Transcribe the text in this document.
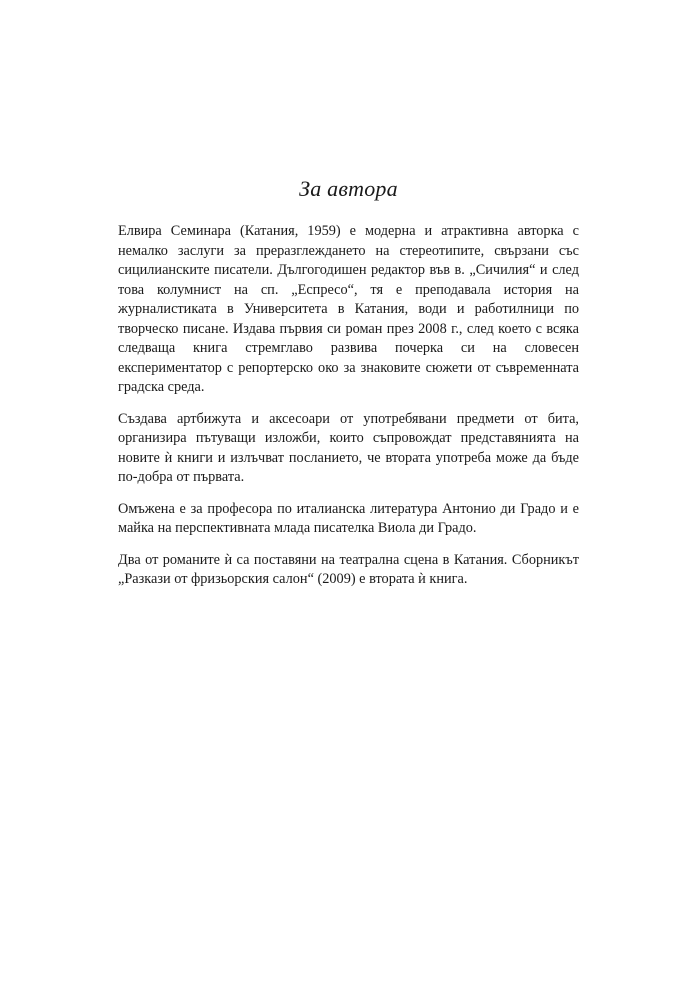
За автора

Елвира Семинара (Катания, 1959) е модерна и атрактивна авторка с немалко заслуги за преразглеждането на стереотипите, свързани със сицилианските писатели. Дългогодишен редактор във в. „Сичилия“ и след това колумнист на сп. „Еспресо“, тя е преподавала история на журналистиката в Университета в Катания, води и работилници по творческо писане. Издава първия си роман през 2008 г., след което с всяка следваща книга стремглаво развива почерка си на словесен експериментатор с репортерско око за знаковите сюжети от съвременната градска среда.

Създава артбижута и аксесоари от употребявани предмети от бита, организира пътуващи изложби, които съпровождат представянията на новите ѝ книги и излъчват посланието, че втората употреба може да бъде по-добра от първата.

Омъжена е за професора по италианска литература Антонио ди Градо и е майка на перспективната млада писателка Виола ди Градо.

Два от романите ѝ са поставяни на театрална сцена в Катания. Сборникът „Разкази от фризьорския салон“ (2009) е втората ѝ книга.
